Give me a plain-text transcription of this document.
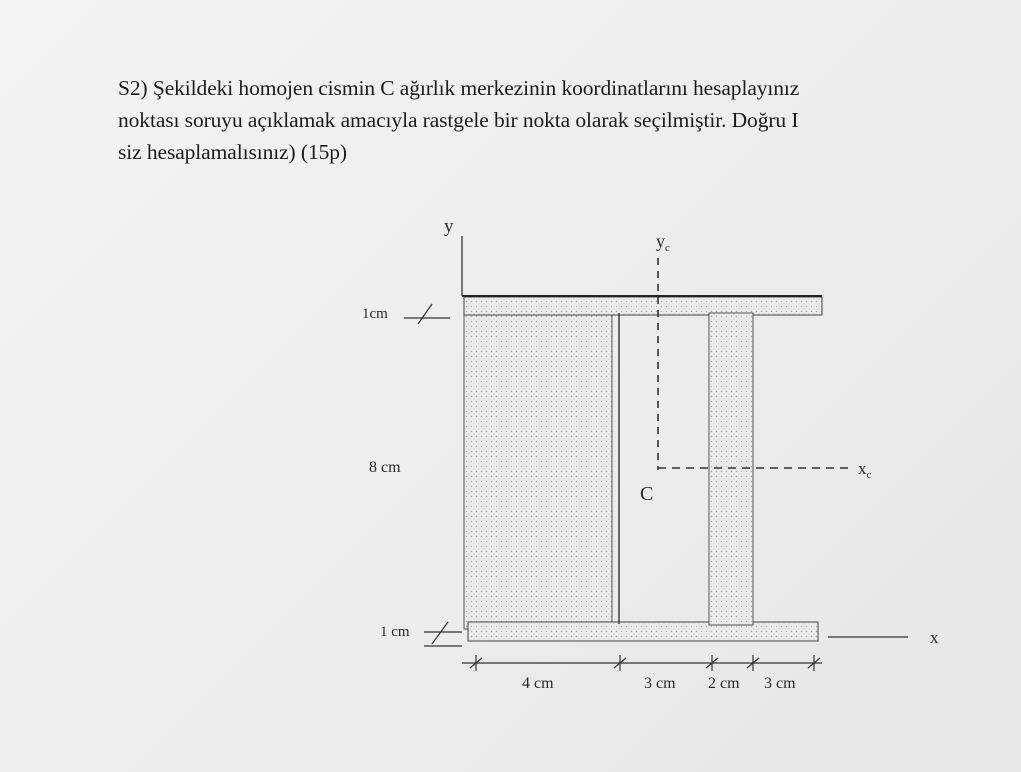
S2) Şekildeki homojen cismin C ağırlık merkezinin koordinatlarını hesaplayınız
noktası soruyu açıklamak amacıyla rastgele bir nokta olarak seçilmiştir. Doğru I
siz hesaplamalısınız) (15p)
y
x
$y_c$
$x_c$
C
1cm
8 cm
1 cm
4 cm	3 cm 2 cm 3 cm
